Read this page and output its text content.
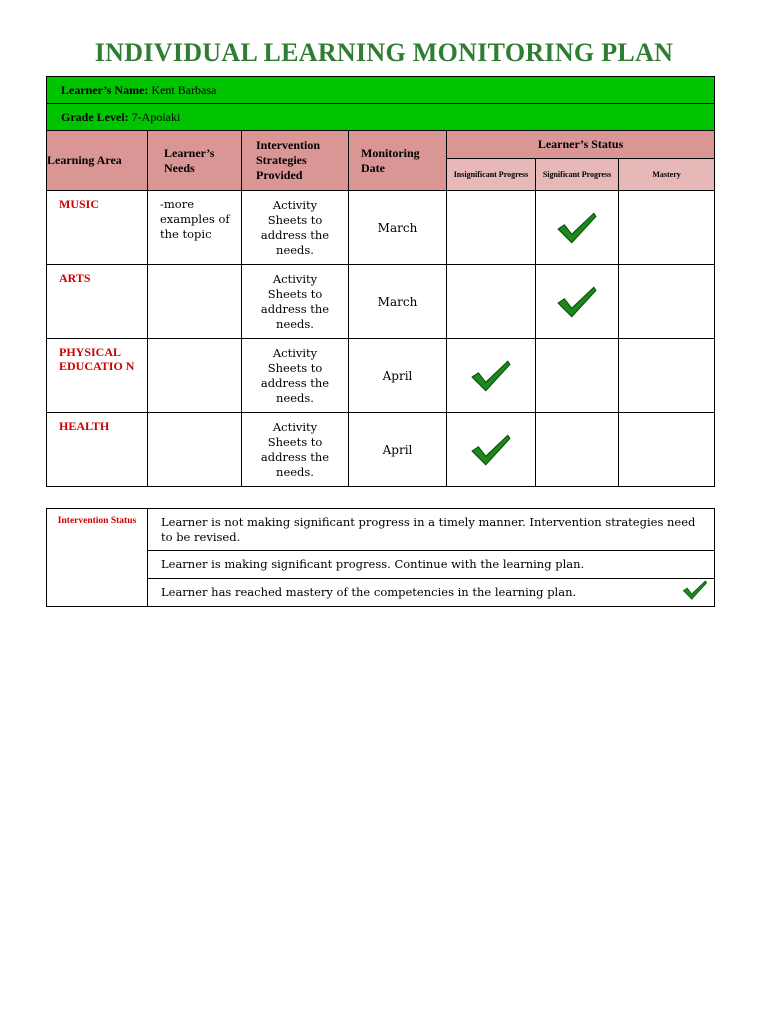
INDIVIDUAL LEARNING MONITORING PLAN
Learner’s Name: Kent Barbasa						
Grade Level: 7-Apolaki						
Learning Area	Learner’s Needs	Intervention Strategies Provided	Monitoring Date	Learner’s Status		
				Insignificant Progress	Significant Progress	Mastery
MUSIC	-more examples of the topic	Activity Sheets to address the needs.	March		

ARTS		Activity Sheets to address the needs.	March		

PHYSICAL EDUCATIO N		Activity Sheets to address the needs.	April	

HEALTH		Activity Sheets to address the needs.	April	

Intervention Status	Learner is not making significant progress in a timely manner. Intervention strategies need to be revised.
Learner is making significant progress. Continue with the learning plan.
Learner has reached mastery of the competencies in the learning plan.
